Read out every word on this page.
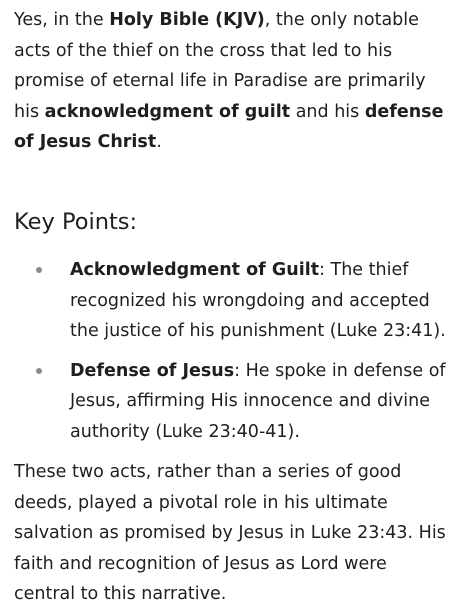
Yes, in the Holy Bible (KJV), the only notable acts of the thief on the cross that led to his promise of eternal life in Paradise are primarily his acknowledgment of guilt and his defense of Jesus Christ.

Key Points:
Acknowledgment of Guilt: The thief recognized his wrongdoing and accepted the justice of his punishment (Luke 23:41).
Defense of Jesus: He spoke in defense of Jesus, affirming His innocence and divine authority (Luke 23:40-41).

These two acts, rather than a series of good deeds, played a pivotal role in his ultimate salvation as promised by Jesus in Luke 23:43. His faith and recognition of Jesus as Lord were central to this narrative.
